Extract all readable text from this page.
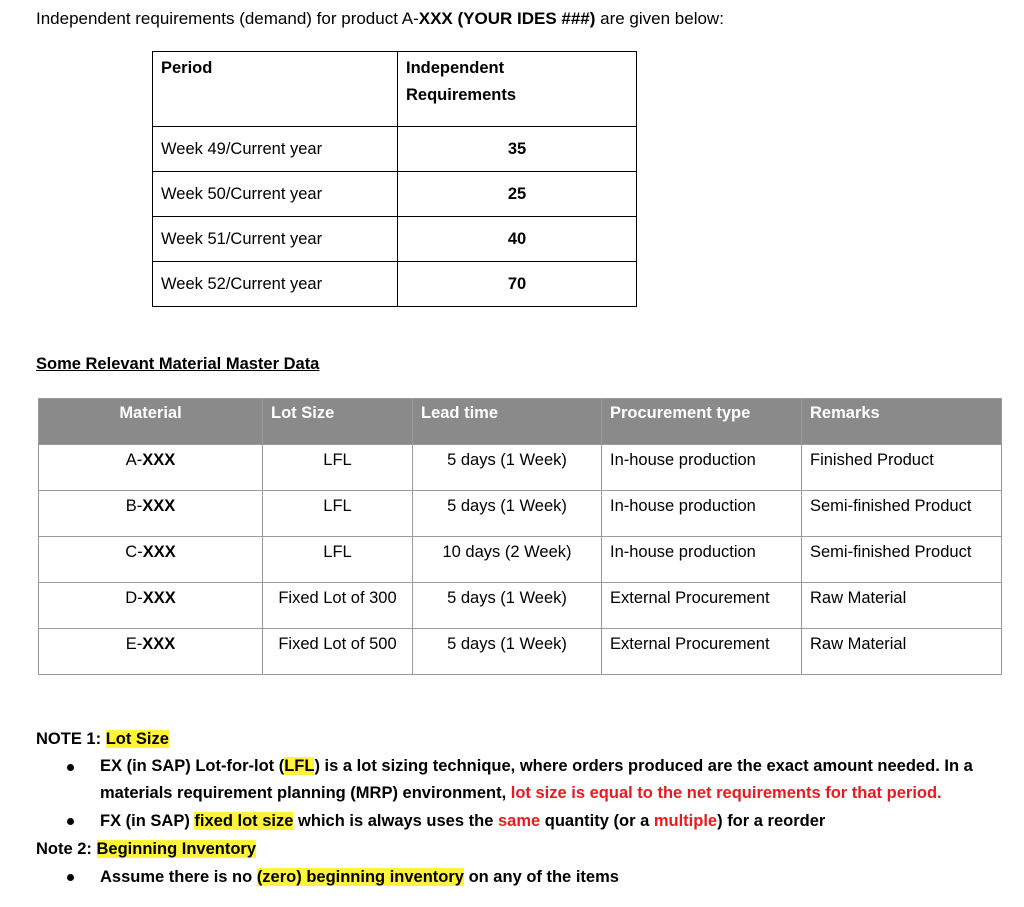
Independent requirements (demand) for product A-XXX (YOUR IDES ###) are given below:
Period	Independent
Requirements
Week 49/Current year	35
Week 50/Current year	25
Week 51/Current year	40
Week 52/Current year	70
Some Relevant Material Master Data
Material	Lot Size	Lead time	Procurement type	Remarks
A-XXX	LFL	5 days (1 Week)	In-house production	Finished Product
B-XXX	LFL	5 days (1 Week)	In-house production	Semi-finished Product
C-XXX	LFL	10 days (2 Week)	In-house production	Semi-finished Product
D-XXX	Fixed Lot of 300	5 days (1 Week)	External Procurement	Raw Material
E-XXX	Fixed Lot of 500	5 days (1 Week)	External Procurement	Raw Material
NOTE 1: Lot Size
EX (in SAP) Lot-for-lot (LFL) is a lot sizing technique, where orders produced are the exact amount needed. In a materials requirement planning (MRP) environment, lot size is equal to the net requirements for that period.
FX (in SAP) fixed lot size which is always uses the same quantity (or a multiple) for a reorder
Note 2: Beginning Inventory
Assume there is no (zero) beginning inventory on any of the items
